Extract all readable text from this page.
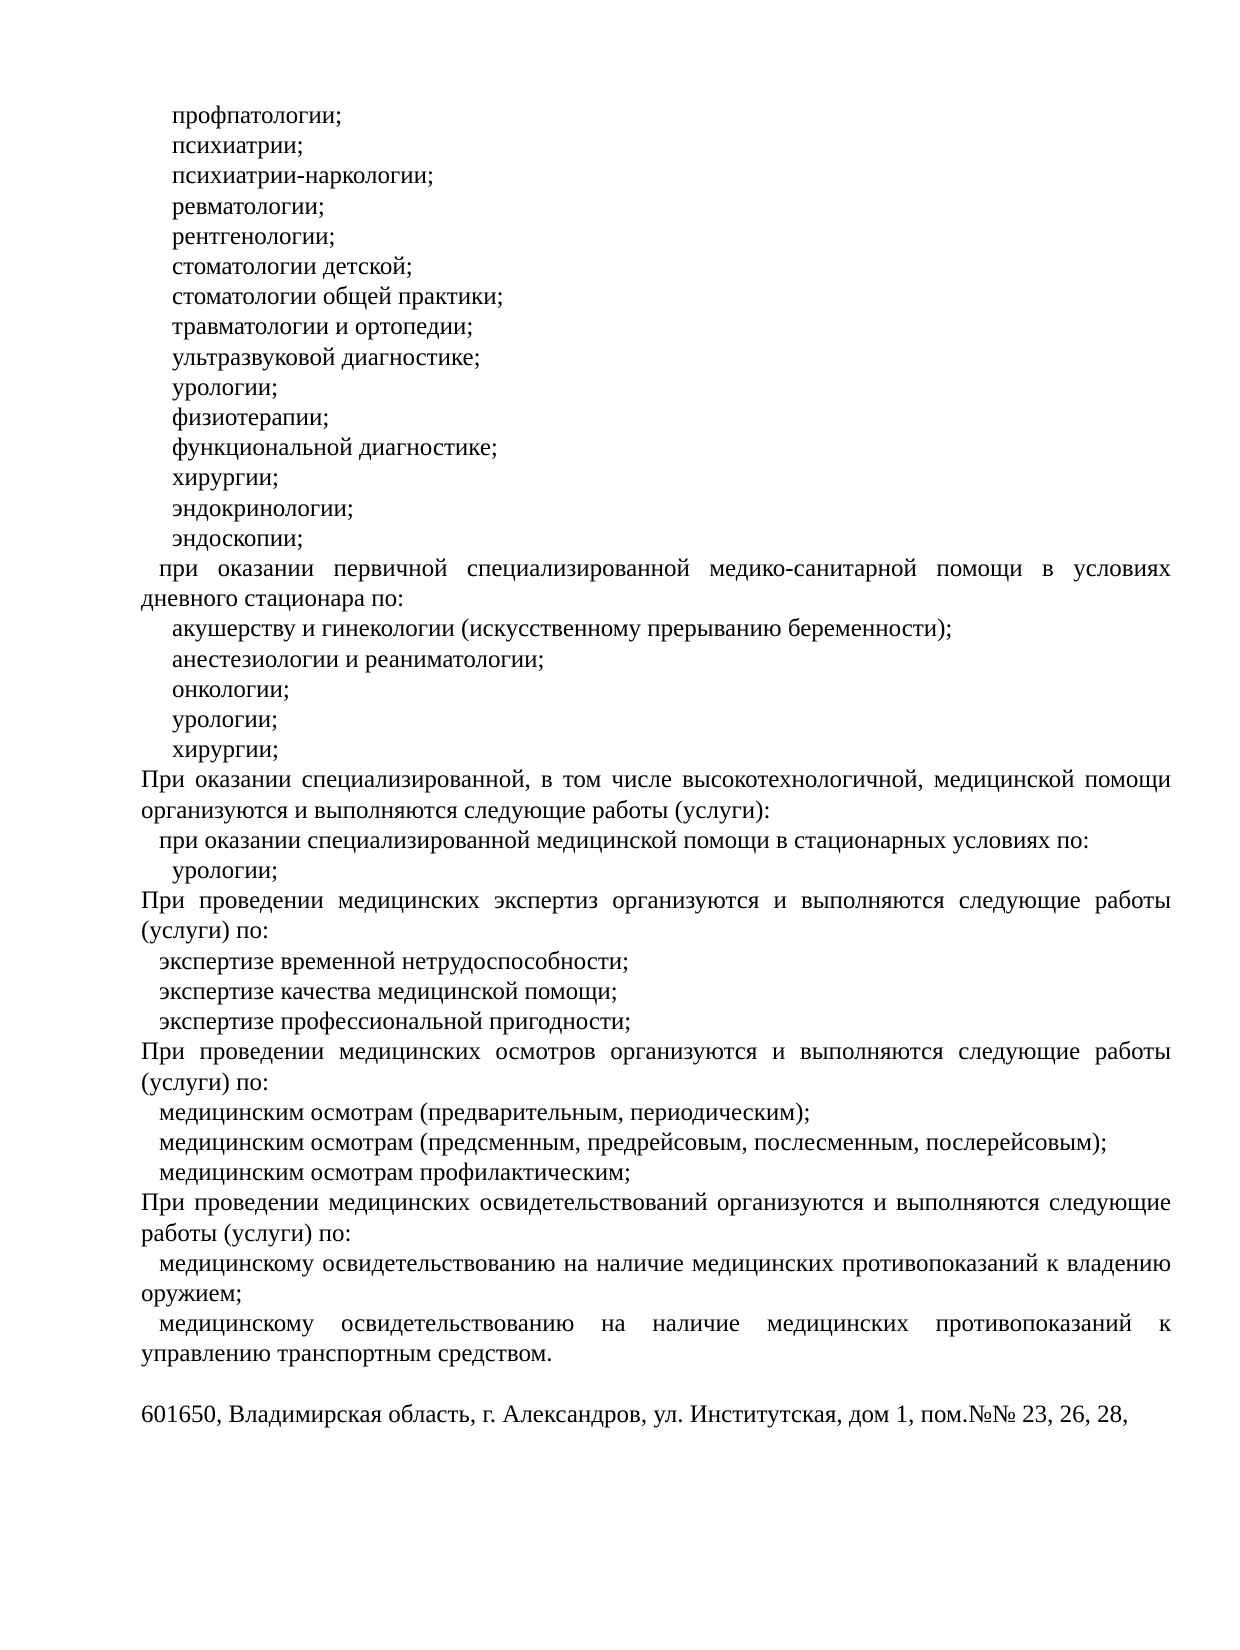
профпатологии;

психиатрии;

психиатрии-наркологии;

ревматологии;

рентгенологии;

стоматологии детской;

стоматологии общей практики;

травматологии и ортопедии;

ультразвуковой диагностике;

урологии;

физиотерапии;

функциональной диагностике;

хирургии;

эндокринологии;

эндоскопии;

при оказании первичной специализированной медико-санитарной помощи в условиях дневного стационара по:

акушерству и гинекологии (искусственному прерыванию беременности);

анестезиологии и реаниматологии;

онкологии;

урологии;

хирургии;

При оказании специализированной, в том числе высокотехнологичной, медицинской помощи организуются и выполняются следующие работы (услуги):

при оказании специализированной медицинской помощи в стационарных условиях по:

урологии;

При проведении медицинских экспертиз организуются и выполняются следующие работы (услуги) по:

экспертизе временной нетрудоспособности;

экспертизе качества медицинской помощи;

экспертизе профессиональной пригодности;

При проведении медицинских осмотров организуются и выполняются следующие работы (услуги) по:

медицинским осмотрам (предварительным, периодическим);

медицинским осмотрам (предсменным, предрейсовым, послесменным, послерейсовым);

медицинским осмотрам профилактическим;

При проведении медицинских освидетельствований организуются и выполняются следующие работы (услуги) по:

медицинскому освидетельствованию на наличие медицинских противопоказаний к владению оружием;

медицинскому освидетельствованию на наличие медицинских противопоказаний к управлению транспортным средством.

601650, Владимирская область, г. Александров, ул. Институтская, дом 1, пом.№№ 23, 26, 28,
